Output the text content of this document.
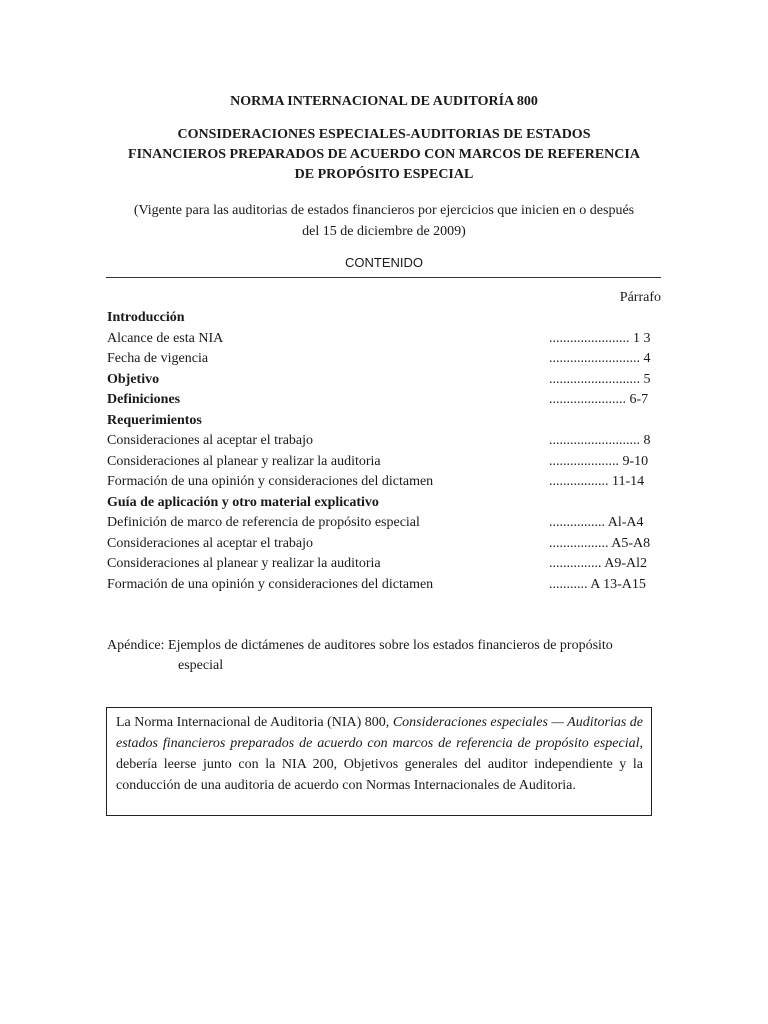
NORMA INTERNACIONAL DE AUDITORÍA 800
CONSIDERACIONES ESPECIALES-AUDITORIAS DE ESTADOS
FINANCIEROS PREPARADOS DE ACUERDO CON MARCOS DE REFERENCIA
DE PROPÓSITO ESPECIAL
(Vigente para las auditorias de estados financieros por ejercicios que inicien en o después
del 15 de diciembre de 2009)
CONTENIDO
Párrafo
Introducción
Alcance de esta NIA	....................... 1 3
Fecha de vigencia	.......................... 4
Objetivo	.......................... 5
Definiciones	...................... 6-7
Requerimientos
Consideraciones al aceptar el trabajo	.......................... 8
Consideraciones al planear y realizar la auditoria	.................... 9-10
Formación de una opinión y consideraciones del dictamen	................. 11-14
Guía de aplicación y otro material explicativo
Definición de marco de referencia de propósito especial	................ Al-A4
Consideraciones al aceptar el trabajo	................. A5-A8
Consideraciones al planear y realizar la auditoria	............... A9-Al2
Formación de una opinión y consideraciones del dictamen	........... A 13-A15
Apéndice: Ejemplos de dictámenes de auditores sobre los estados financieros de propósito
especial
La Norma Internacional de Auditoria (NIA) 800, Consideraciones especiales — Auditorias de estados financieros preparados de acuerdo con marcos de referencia de propósito especial, debería leerse junto con la NIA 200, Objetivos generales del auditor independiente y la conducción de una auditoria de acuerdo con Normas Internacionales de Auditoria.
